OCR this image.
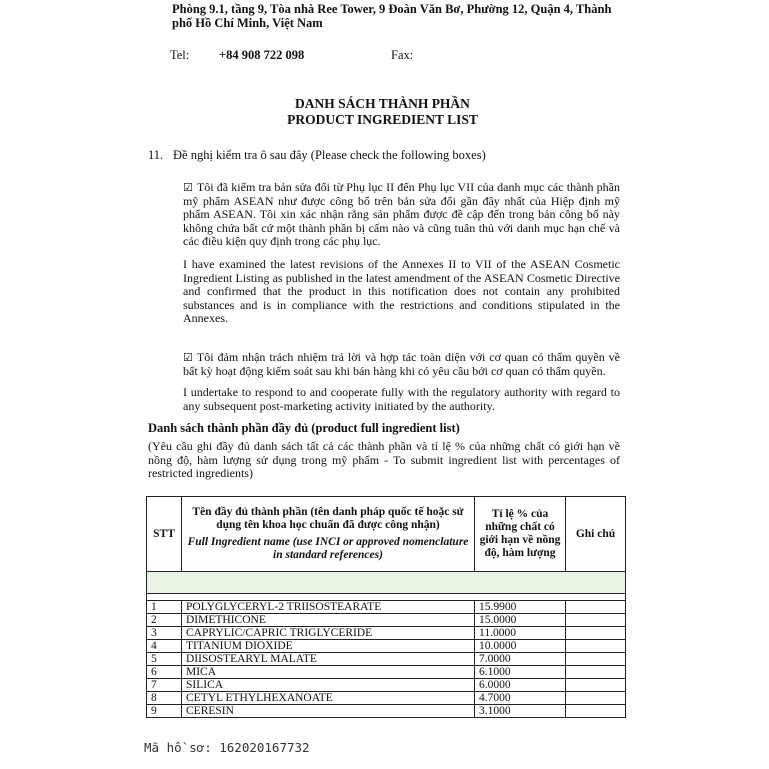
Phòng 9.1, tầng 9, Tòa nhà Ree Tower, 9 Đoàn Văn Bơ, Phường 12, Quận 4, Thành phố Hồ Chí Minh, Việt Nam
Tel: +84 908 722 098	Fax:
DANH SÁCH THÀNH PHẦN
PRODUCT INGREDIENT LIST
11. Đề nghị kiểm tra ô sau đây (Please check the following boxes)
☑ Tôi đã kiểm tra bản sửa đổi từ Phụ lục II đến Phụ lục VII của danh mục các thành phần mỹ phẩm ASEAN như được công bố trên bản sửa đổi gần đây nhất của Hiệp định mỹ phẩm ASEAN. Tôi xin xác nhận rằng sản phẩm được đề cập đến trong bản công bố này không chứa bất cứ một thành phần bị cấm nào và cũng tuân thủ với danh mục hạn chế và các điều kiện quy định trong các phụ lục.
I have examined the latest revisions of the Annexes II to VII of the ASEAN Cosmetic Ingredient Listing as published in the latest amendment of the ASEAN Cosmetic Directive and confirmed that the product in this notification does not contain any prohibited substances and is in compliance with the restrictions and conditions stipulated in the Annexes.
☑ Tôi đảm nhận trách nhiệm trả lời và hợp tác toàn diện với cơ quan có thẩm quyền về bất kỳ hoạt động kiểm soát sau khi bán hàng khi có yêu cầu bởi cơ quan có thẩm quyền.
I undertake to respond to and cooperate fully with the regulatory authority with regard to any subsequent post-marketing activity initiated by the authority.
Danh sách thành phần đầy đủ (product full ingredient list)
(Yêu cầu ghi đầy đủ danh sách tất cả các thành phần và tỉ lệ % của những chất có giới hạn về nồng độ, hàm lượng sử dụng trong mỹ phẩm - To submit ingredient list with percentages of restricted ingredients)
STT	Tên đầy đủ thành phần (tên danh pháp quốc tế hoặc sử dụng tên khoa học chuẩn đã được công nhận)
Full Ingredient name (use INCI or approved nomenclature in standard references)	Tỉ lệ % của những chất có giới hạn về nồng độ, hàm lượng	Ghi chú

1	POLYGLYCERYL-2 TRIISOSTEARATE	15.9900	
2	DIMETHICONE	15.0000	
3	CAPRYLIC/CAPRIC TRIGLYCERIDE	11.0000	
4	TITANIUM DIOXIDE	10.0000	
5	DIISOSTEARYL MALATE	7.0000	
6	MICA	6.1000	
7	SILICA	6.0000	
8	CETYL ETHYLHEXANOATE	4.7000	
9	CERESIN	3.1000	
Mã hồ sơ: 162020167732
